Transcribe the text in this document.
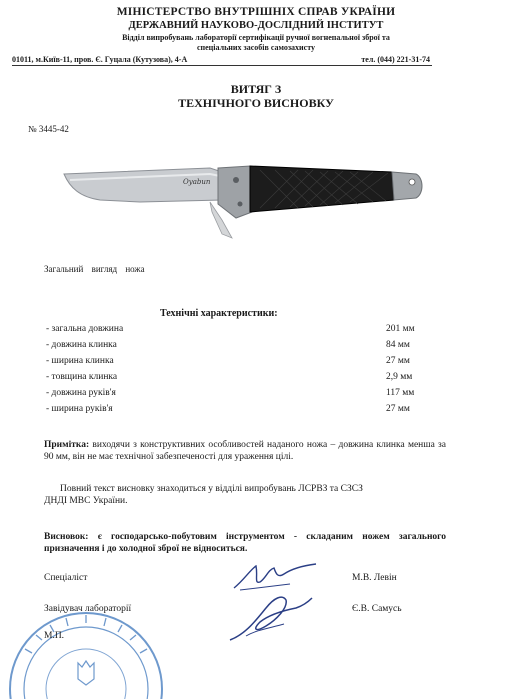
МІНІСТЕРСТВО ВНУТРІШНІХ СПРАВ УКРАЇНИ
ДЕРЖАВНИЙ НАУКОВО-ДОСЛІДНИЙ ІНСТИТУТ
Відділ випробувань лабораторії сертифікації ручної вогнепальної зброї та
спеціальних засобів самозахисту
01011, м.Київ-11, пров. Є. Гуцала (Кутузова), 4-А	тел. (044) 221-31-74
ВИТЯГ З
ТЕХНІЧНОГО ВИСНОВКУ
№ 3445-42
Oyabun
Загальний вигляд ножа
Технічні характеристики:
- загальна довжина	201 мм
- довжина клинка	84 мм
- ширина клинка	27 мм
- товщина клинка	2,9 мм
- довжина руків'я	117 мм
- ширина руків'я	27 мм
Примітка: виходячи з конструктивних особливостей наданого ножа – довжина клинка менша за 90 мм, він не має технічної забезпеченості для ураження цілі.
Повний текст висновку знаходиться у відділі випробувань ЛСРВЗ та СЗСЗ
ДНДІ МВС України.
Висновок: є господарсько-побутовим інструментом - складаним ножем загального призначення і до холодної зброї не відноситься.
Спеціаліст	М.В. Левін
Завідувач лабораторії	Є.В. Самусь
М.П.
